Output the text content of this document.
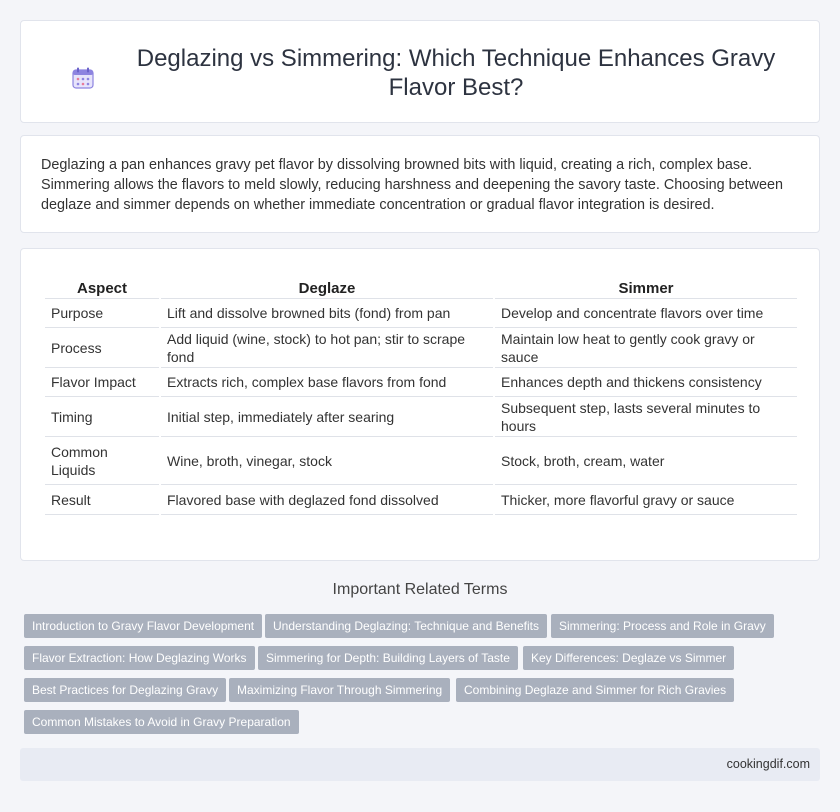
Deglazing vs Simmering: Which Technique Enhances Gravy Flavor Best?

Deglazing a pan enhances gravy pet flavor by dissolving browned bits with liquid, creating a rich, complex base. Simmering allows the flavors to meld slowly, reducing harshness and deepening the savory taste. Choosing between deglaze and simmer depends on whether immediate concentration or gradual flavor integration is desired.

Aspect	Deglaze	Simmer
Purpose	Lift and dissolve browned bits (fond) from pan	Develop and concentrate flavors over time
Process	Add liquid (wine, stock) to hot pan; stir to scrape fond	Maintain low heat to gently cook gravy or sauce
Flavor Impact	Extracts rich, complex base flavors from fond	Enhances depth and thickens consistency
Timing	Initial step, immediately after searing	Subsequent step, lasts several minutes to hours
Common Liquids	Wine, broth, vinegar, stock	Stock, broth, cream, water
Result	Flavored base with deglazed fond dissolved	Thicker, more flavorful gravy or sauce
Important Related Terms
Introduction to Gravy Flavor Development	Understanding Deglazing: Technique and Benefits	Simmering: Process and Role in Gravy
Flavor Extraction: How Deglazing Works	Simmering for Depth: Building Layers of Taste	Key Differences: Deglaze vs Simmer
Best Practices for Deglazing Gravy	Maximizing Flavor Through Simmering	Combining Deglaze and Simmer for Rich Gravies
Common Mistakes to Avoid in Gravy Preparation
cookingdif.com
